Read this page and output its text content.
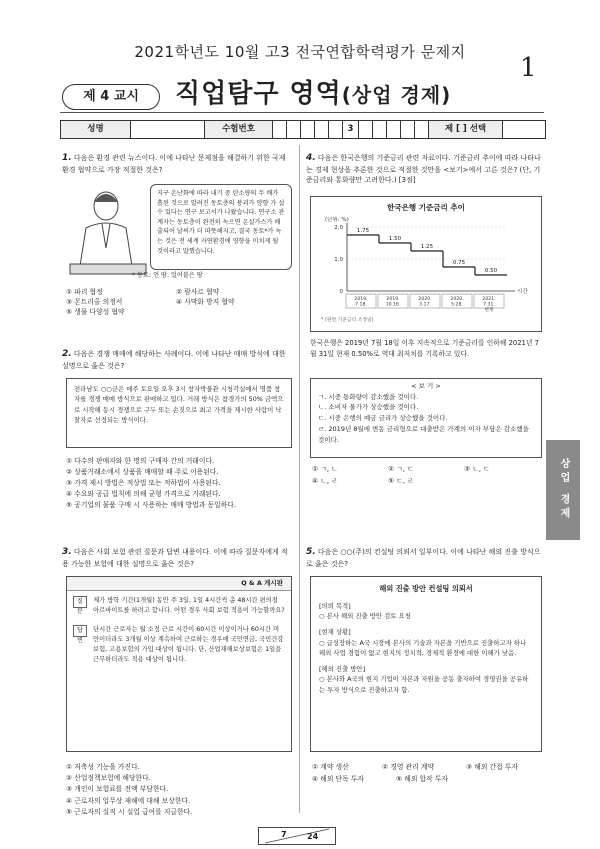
2021학년도 10월 고3 전국연합학력평가 문제지
1
제 4 교시	직업탐구 영역(상업 경제)
성명	수험번호	3	제 [ ] 선택
1. 다음은 환경 관련 뉴스이다. 이에 나타난 문제점을 해결하기 위한 국제 환경 협약으로 가장 적절한 것은?
지구 온난화에 따라 내기 중 탄소량의 두 배가 흡된 것으로 알려진 동토층의 붕괴가 양향 가 설 수 있다는 연구 보고서가 나왔습니다. 연구소 관계자는 동토층이 완전히 녹으면 온실가스가 배출되어 날씨가 더 따뜻해지고, 결국 동토*가 녹는 것은 전 세계 자연환경에 영향을 미치게 될 것이라고 말했습니다.
* 동토: 언 땅. 얼어붙은 땅
① 파리 협정	② 람사르 협약
③ 몬트리올 의정서	④ 사막화 방지 협약
⑤ 생물 다양성 협약
2. 다음은 경쟁 매매에 해당하는 사례이다. 이에 나타난 매매 방식에 대한 설명으로 옳은 것은?
전라남도 ○○군은 매주 토요일 오후 3시 창자박물관 시청각실에서 명품 창자를 경쟁 매매 방식으로 판매하고 있다. 거래 방식은 참경가의 50% 금액으로 시작해 동시 경쟁으로 구두 또는 손짓으로 최고 가격을 제시한 사람이 낙찰자로 선정되는 방식이다.
① 다수의 판매자와 한 명의 구매자 간의 거래이다.
② 상품거래소에서 상품을 매매할 때 주로 이용된다.
③ 가격 제시 방법은 적상법 또는 적하법이 사용된다.
④ 수요와 공급 법칙에 의해 균형 가격으로 거래된다.
⑤ 공기업의 물품 구매 시 사용하는 매매 방법과 동일하다.
3. 다음은 사회 보험 관련 질문과 답변 내용이다. 이에 따라 질문자에게 적용 가능한 보험에 대한 설명으로 옳은 것은?
Q & A 게시판
질문
제가 방학 기간(1개월) 동안 주 3일, 1일 4시간씩 총 48시간 편의점 아르바이트를 하려고 합니다. 어떤 경우 사회 보험 적용이 가능할까요?
답변
단시간 근로자는 월 소정 근로 시간이 60시간 이상이거나 60시간 미만이더라도 3개월 이상 계속하여 근로하는 경우에 국민연금, 국민건강보험, 고용보험의 가입 대상이 됩니다. 단, 산업재해보상보험은 1일을 근무하더라도 적용 대상이 됩니다.
① 저축성 기능을 가진다.
② 산업정책보험에 해당한다.
③ 개인이 보험료를 전액 부담한다.
④ 근로자의 업무상 재해에 대해 보상한다.
⑤ 근로자의 실직 시 실업 급여를 지급한다.
4. 다음은 한국은행의 기준금리 관련 자료이다. 기준금리 추이에 따라 나타나는 경제 현상을 추론한 것으로 적절한 것만을 <보기>에서 고른 것은? (단, 기준금리와 통화량만 고려한다.) [3점]
한국은행 기준금리 추이
(단위: %)
시간
0
1.0
2.0	1.75
2019.
7.18.
1.50
2019.
10.16.
1.25
2020.
3.17.
0.75
2020.
5.28.
0.50
2021.
7.31.
현재
* (관련 기준금리 조정일)
한국은행은 2019년 7월 18일 이후 지속적으로 기준금리를 인하해 2021년 7월 31일 현재 0.50%로 역대 최저치를 기록하고 있다.
< 보 기 >
ㄱ. 시중 통화량이 감소했을 것이다.
ㄴ. 소비자 물가가 상승했을 것이다.
ㄷ. 시중 은행의 예금 금리가 상승했을 것이다.
ㄹ. 2019년 8월에 변동 금리형으로 대출받은 가계의 이자 부담은 감소했을 것이다.
① ㄱ, ㄴ	② ㄱ, ㄷ	③ ㄴ, ㄷ
④ ㄴ, ㄹ	⑤ ㄷ, ㄹ
5. 다음은 ○○(주)의 컨설팅 의뢰서 일부이다. 이에 나타난 해외 진출 방식으로 옳은 것은?
해외 진출 방안 컨설팅 의뢰서
[의뢰 목적]
○ 본사 해외 진출 방안 검토 요청
[현재 상황]
○ 급성장하는 A국 시장에 본사의 기술과 자본을 기반으로 진출하고자 하나 해외 사업 경험이 없고 현지의 정치적, 경제적 환경에 대한 이해가 낮음.
[해외 진출 방안]
○ 본사와 A국의 현지 기업이 자본과 자원을 공동 출자하여 경영권을 공유하는 투자 방식으로 진출하고자 함.
① 계약 생산	② 경영 관리 계약	③ 해외 간접 투자
④ 해외 단독 투자	⑤ 해외 합작 투자
상업 경제
7	24
